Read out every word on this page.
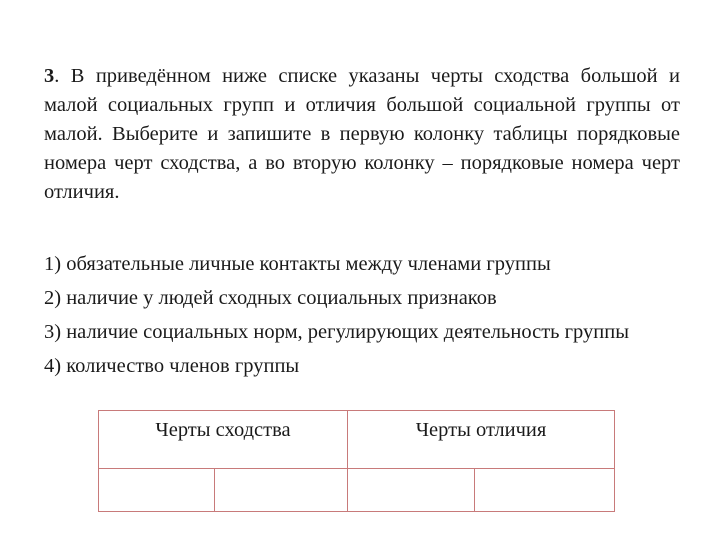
3. В приведённом ниже списке указаны черты сходства большой и малой социальных групп и отличия большой социальной группы от малой. Выберите и запишите в первую колонку таблицы порядковые номера черт сходства, а во вторую колонку – порядковые номера черт отличия.

1) обязательные личные контакты между членами группы
2) наличие у людей сходных социальных признаков
3) наличие социальных норм, регулирующих деятельность группы
4) количество членов группы
Черты сходства		Черты отличия	
